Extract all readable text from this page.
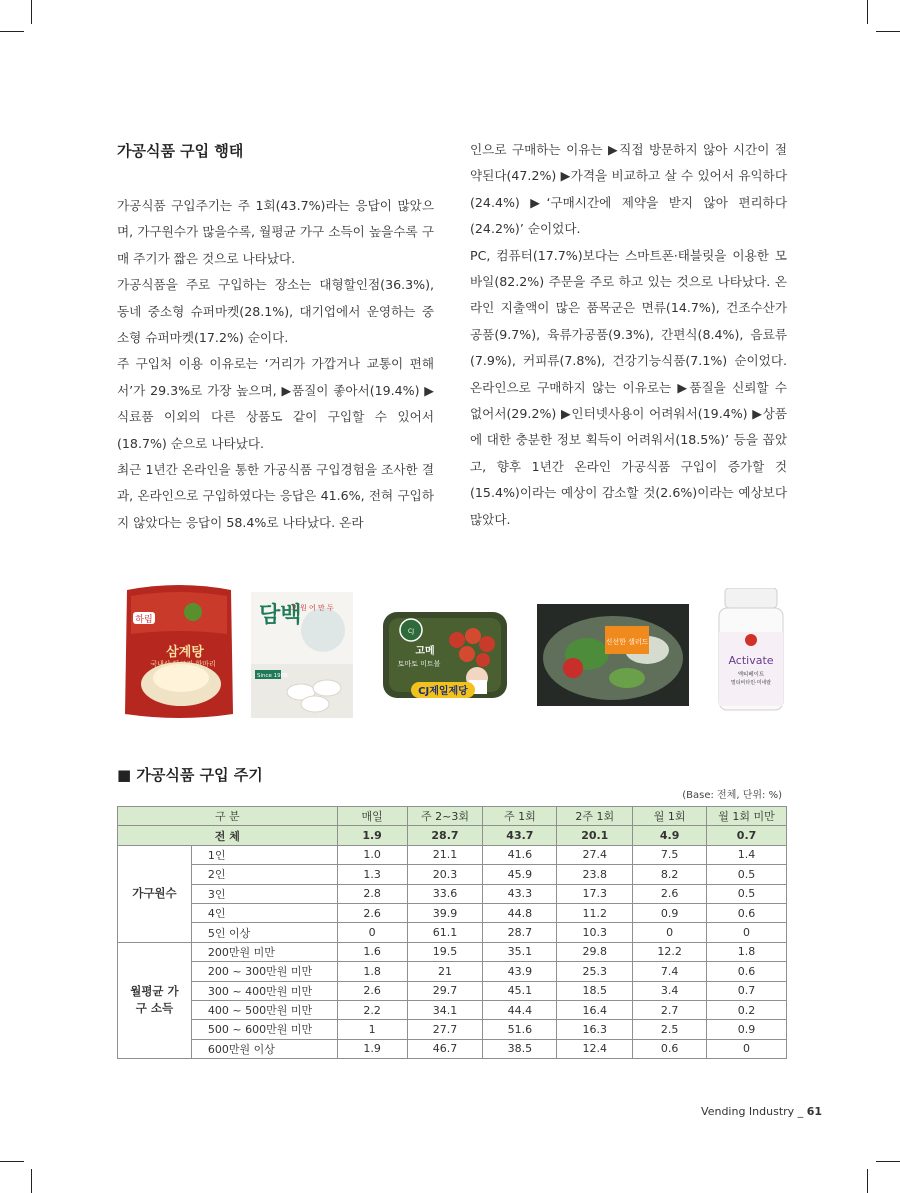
가공식품 구입 행태

가공식품 구입주기는 주 1회(43.7%)라는 응답이 많았으며, 가구원수가 많을수록, 월평균 가구 소득이 높을수록 구매 주기가 짧은 것으로 나타났다.

가공식품을 주로 구입하는 장소는 대형할인점(36.3%), 동네 중소형 슈퍼마켓(28.1%), 대기업에서 운영하는 중소형 슈퍼마켓(17.2%) 순이다.

주 구입처 이용 이유로는 ‘거리가 가깝거나 교통이 편해서’가 29.3%로 가장 높으며, ▶품질이 좋아서(19.4%) ▶식료품 이외의 다른 상품도 같이 구입할 수 있어서(18.7%) 순으로 나타났다.

최근 1년간 온라인을 통한 가공식품 구입경험을 조사한 결과, 온라인으로 구입하였다는 응답은 41.6%, 전혀 구입하지 않았다는 응답이 58.4%로 나타났다. 온라

인으로 구매하는 이유는 ▶직접 방문하지 않아 시간이 절약된다(47.2%) ▶가격을 비교하고 살 수 있어서 유익하다(24.4%) ▶‘구매시간에 제약을 받지 않아 편리하다(24.2%)’ 순이었다.

PC, 컴퓨터(17.7%)보다는 스마트폰·태블릿을 이용한 모바일(82.2%) 주문을 주로 하고 있는 것으로 나타났다. 온라인 지출액이 많은 품목군은 면류(14.7%), 건조수산가공품(9.7%), 육류가공품(9.3%), 간편식(8.4%), 음료류(7.9%), 커피류(7.8%), 건강기능식품(7.1%) 순이었다. 온라인으로 구매하지 않는 이유로는 ▶품질을 신뢰할 수 없어서(29.2%) ▶인터넷사용이 어려워서(19.4%) ▶상품에 대한 충분한 정보 획득이 어려워서(18.5%)’ 등을 꼽았고, 향후 1년간 온라인 가공식품 구입이 증가할 것(15.4%)이라는 예상이 감소할 것(2.6%)이라는 예상보다 많았다.

하림
국내산 닭고기 한마리
삼계탕
담백
오 원 어 만 두
Since 1988
CJ
고메
토마토 미트볼
CJ제일제당
신선한 샐러드
Activate
엑티베이트
멀티비타민·미네랄
■ 가공식품 구입 주기
(Base: 전체, 단위: %)
구 분		매일	주 2~3회	주 1회	2주 1회	월 1회	월 1회 미만
전 체		1.9	28.7	43.7	20.1	4.9	0.7
가구원수	1인	1.0	21.1	41.6	27.4	7.5	1.4
	2인	1.3	20.3	45.9	23.8	8.2	0.5
	3인	2.8	33.6	43.3	17.3	2.6	0.5
	4인	2.6	39.9	44.8	11.2	0.9	0.6
	5인 이상	0	61.1	28.7	10.3	0	0
월평균 가구 소득	200만원 미만	1.6	19.5	35.1	29.8	12.2	1.8
	200 ~ 300만원 미만	1.8	21	43.9	25.3	7.4	0.6
	300 ~ 400만원 미만	2.6	29.7	45.1	18.5	3.4	0.7
	400 ~ 500만원 미만	2.2	34.1	44.4	16.4	2.7	0.2
	500 ~ 600만원 미만	1	27.7	51.6	16.3	2.5	0.9
	600만원 이상	1.9	46.7	38.5	12.4	0.6	0
Vending Industry _ 61
